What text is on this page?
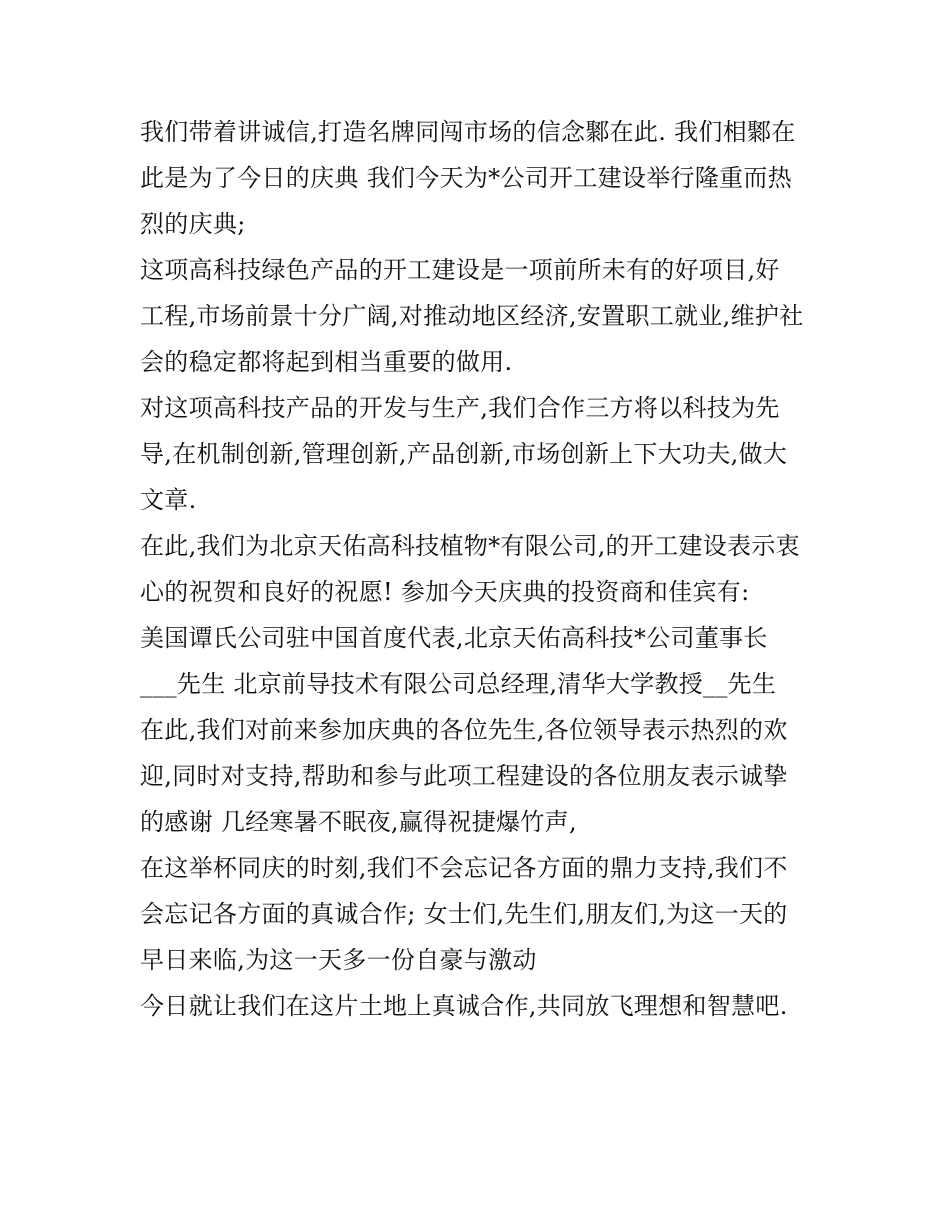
我们带着讲诚信,打造名牌同闯市场的信念鄹在此. 我们相鄹在
此是为了今日的庆典 我们今天为*公司开工建设举行隆重而热
烈的庆典;
这项高科技绿色产品的开工建设是一项前所未有的好项目,好
工程,市场前景十分广阔,对推动地区经济,安置职工就业,维护社
会的稳定都将起到相当重要的做用.
对这项高科技产品的开发与生产,我们合作三方将以科技为先
导,在机制创新,管理创新,产品创新,市场创新上下大功夫,做大
文章.
在此,我们为北京天佑高科技植物*有限公司,的开工建设表示衷
心的祝贺和良好的祝愿! 参加今天庆典的投资商和佳宾有:
美国谭氏公司驻中国首度代表,北京天佑高科技*公司董事长
___先生 北京前导技术有限公司总经理,清华大学教授__先生
在此,我们对前来参加庆典的各位先生,各位领导表示热烈的欢
迎,同时对支持,帮助和参与此项工程建设的各位朋友表示诚挚
的感谢 几经寒暑不眠夜,赢得祝捷爆竹声,
在这举杯同庆的时刻,我们不会忘记各方面的鼎力支持,我们不
会忘记各方面的真诚合作; 女士们,先生们,朋友们,为这一天的
早日来临,为这一天多一份自豪与激动
今日就让我们在这片土地上真诚合作,共同放飞理想和智慧吧.
